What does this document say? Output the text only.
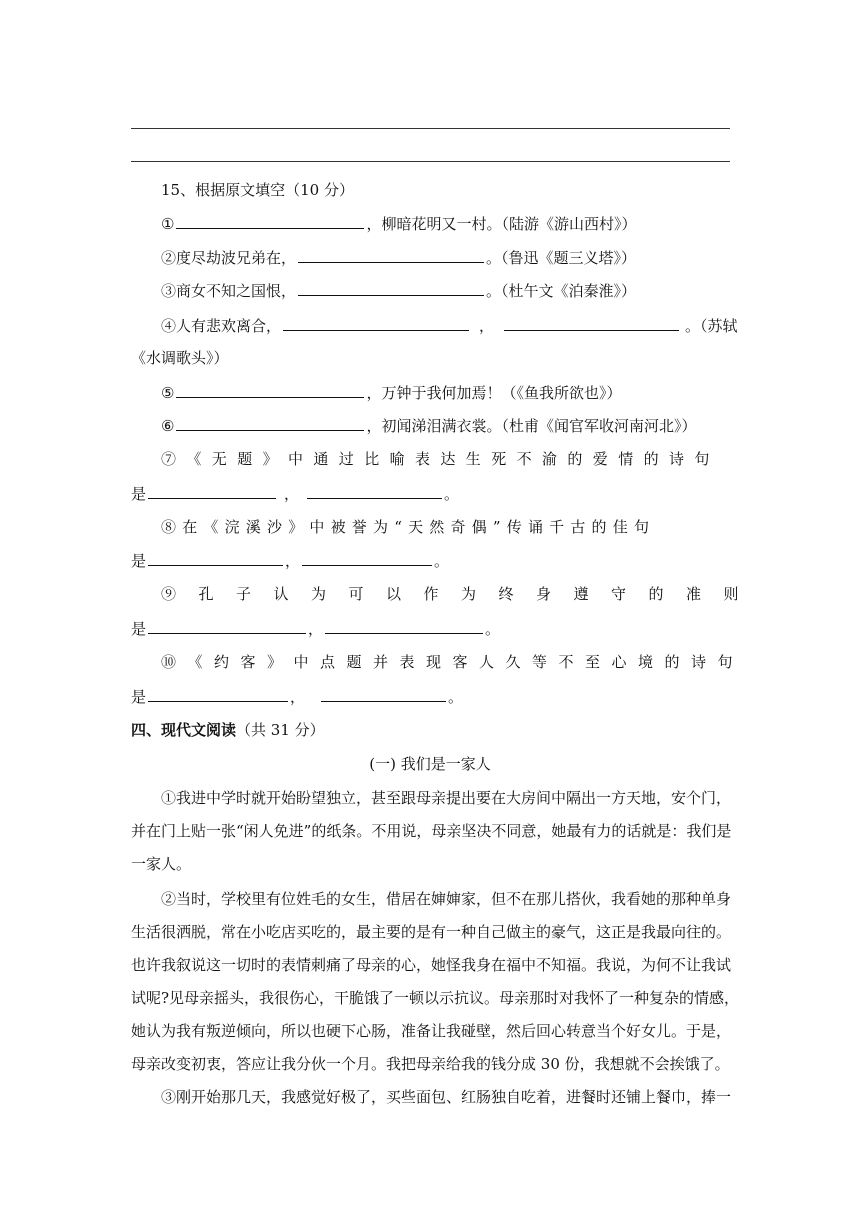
15、根据原文填空（10 分）
①	，柳暗花明又一村。（陆游《游山西村》）
②度尽劫波兄弟在，	。（鲁迅《题三义塔》）
③商女不知之国恨，	。（杜午文《泊秦淮》）
④人有悲欢离合，	，	。（苏轼
《水调歌头》）
⑤	，万钟于我何加焉！（《鱼我所欲也》）
⑥	，初闻涕泪满衣裳。（杜甫《闻官军收河南河北》）
⑦《无题》中通过比喻表达生死不渝的爱情的诗句
是	，	。
⑧在《浣溪沙》中被誉为“天然奇偶”传诵千古的佳句
是	，	。
⑨孔子认为可以作为终身遵守的准则
是	，	。
⑩《约客》中点题并表现客人久等不至心境的诗句
是	，	。
四、现代文阅读（共 31 分）
(一) 我们是一家人
①我进中学时就开始盼望独立，甚至跟母亲提出要在大房间中隔出一方天地，安个门，
并在门上贴一张“闲人免进”的纸条。不用说，母亲坚决不同意，她最有力的话就是：我们是
一家人。
②当时，学校里有位姓毛的女生，借居在婶婶家，但不在那儿搭伙，我看她的那种单身
生活很洒脱，常在小吃店买吃的，最主要的是有一种自己做主的豪气，这正是我最向往的。
也许我叙说这一切时的表情刺痛了母亲的心，她怪我身在福中不知福。我说，为何不让我试
试呢?见母亲摇头，我很伤心，干脆饿了一顿以示抗议。母亲那时对我怀了一种复杂的情感，
她认为我有叛逆倾向，所以也硬下心肠，准备让我碰壁，然后回心转意当个好女儿。于是，
母亲改变初衷，答应让我分伙一个月。我把母亲给我的钱分成 30 份，我想就不会挨饿了。
③刚开始那几天，我感觉好极了，买些面包、红肠独自吃着，进餐时还铺上餐巾，捧一
